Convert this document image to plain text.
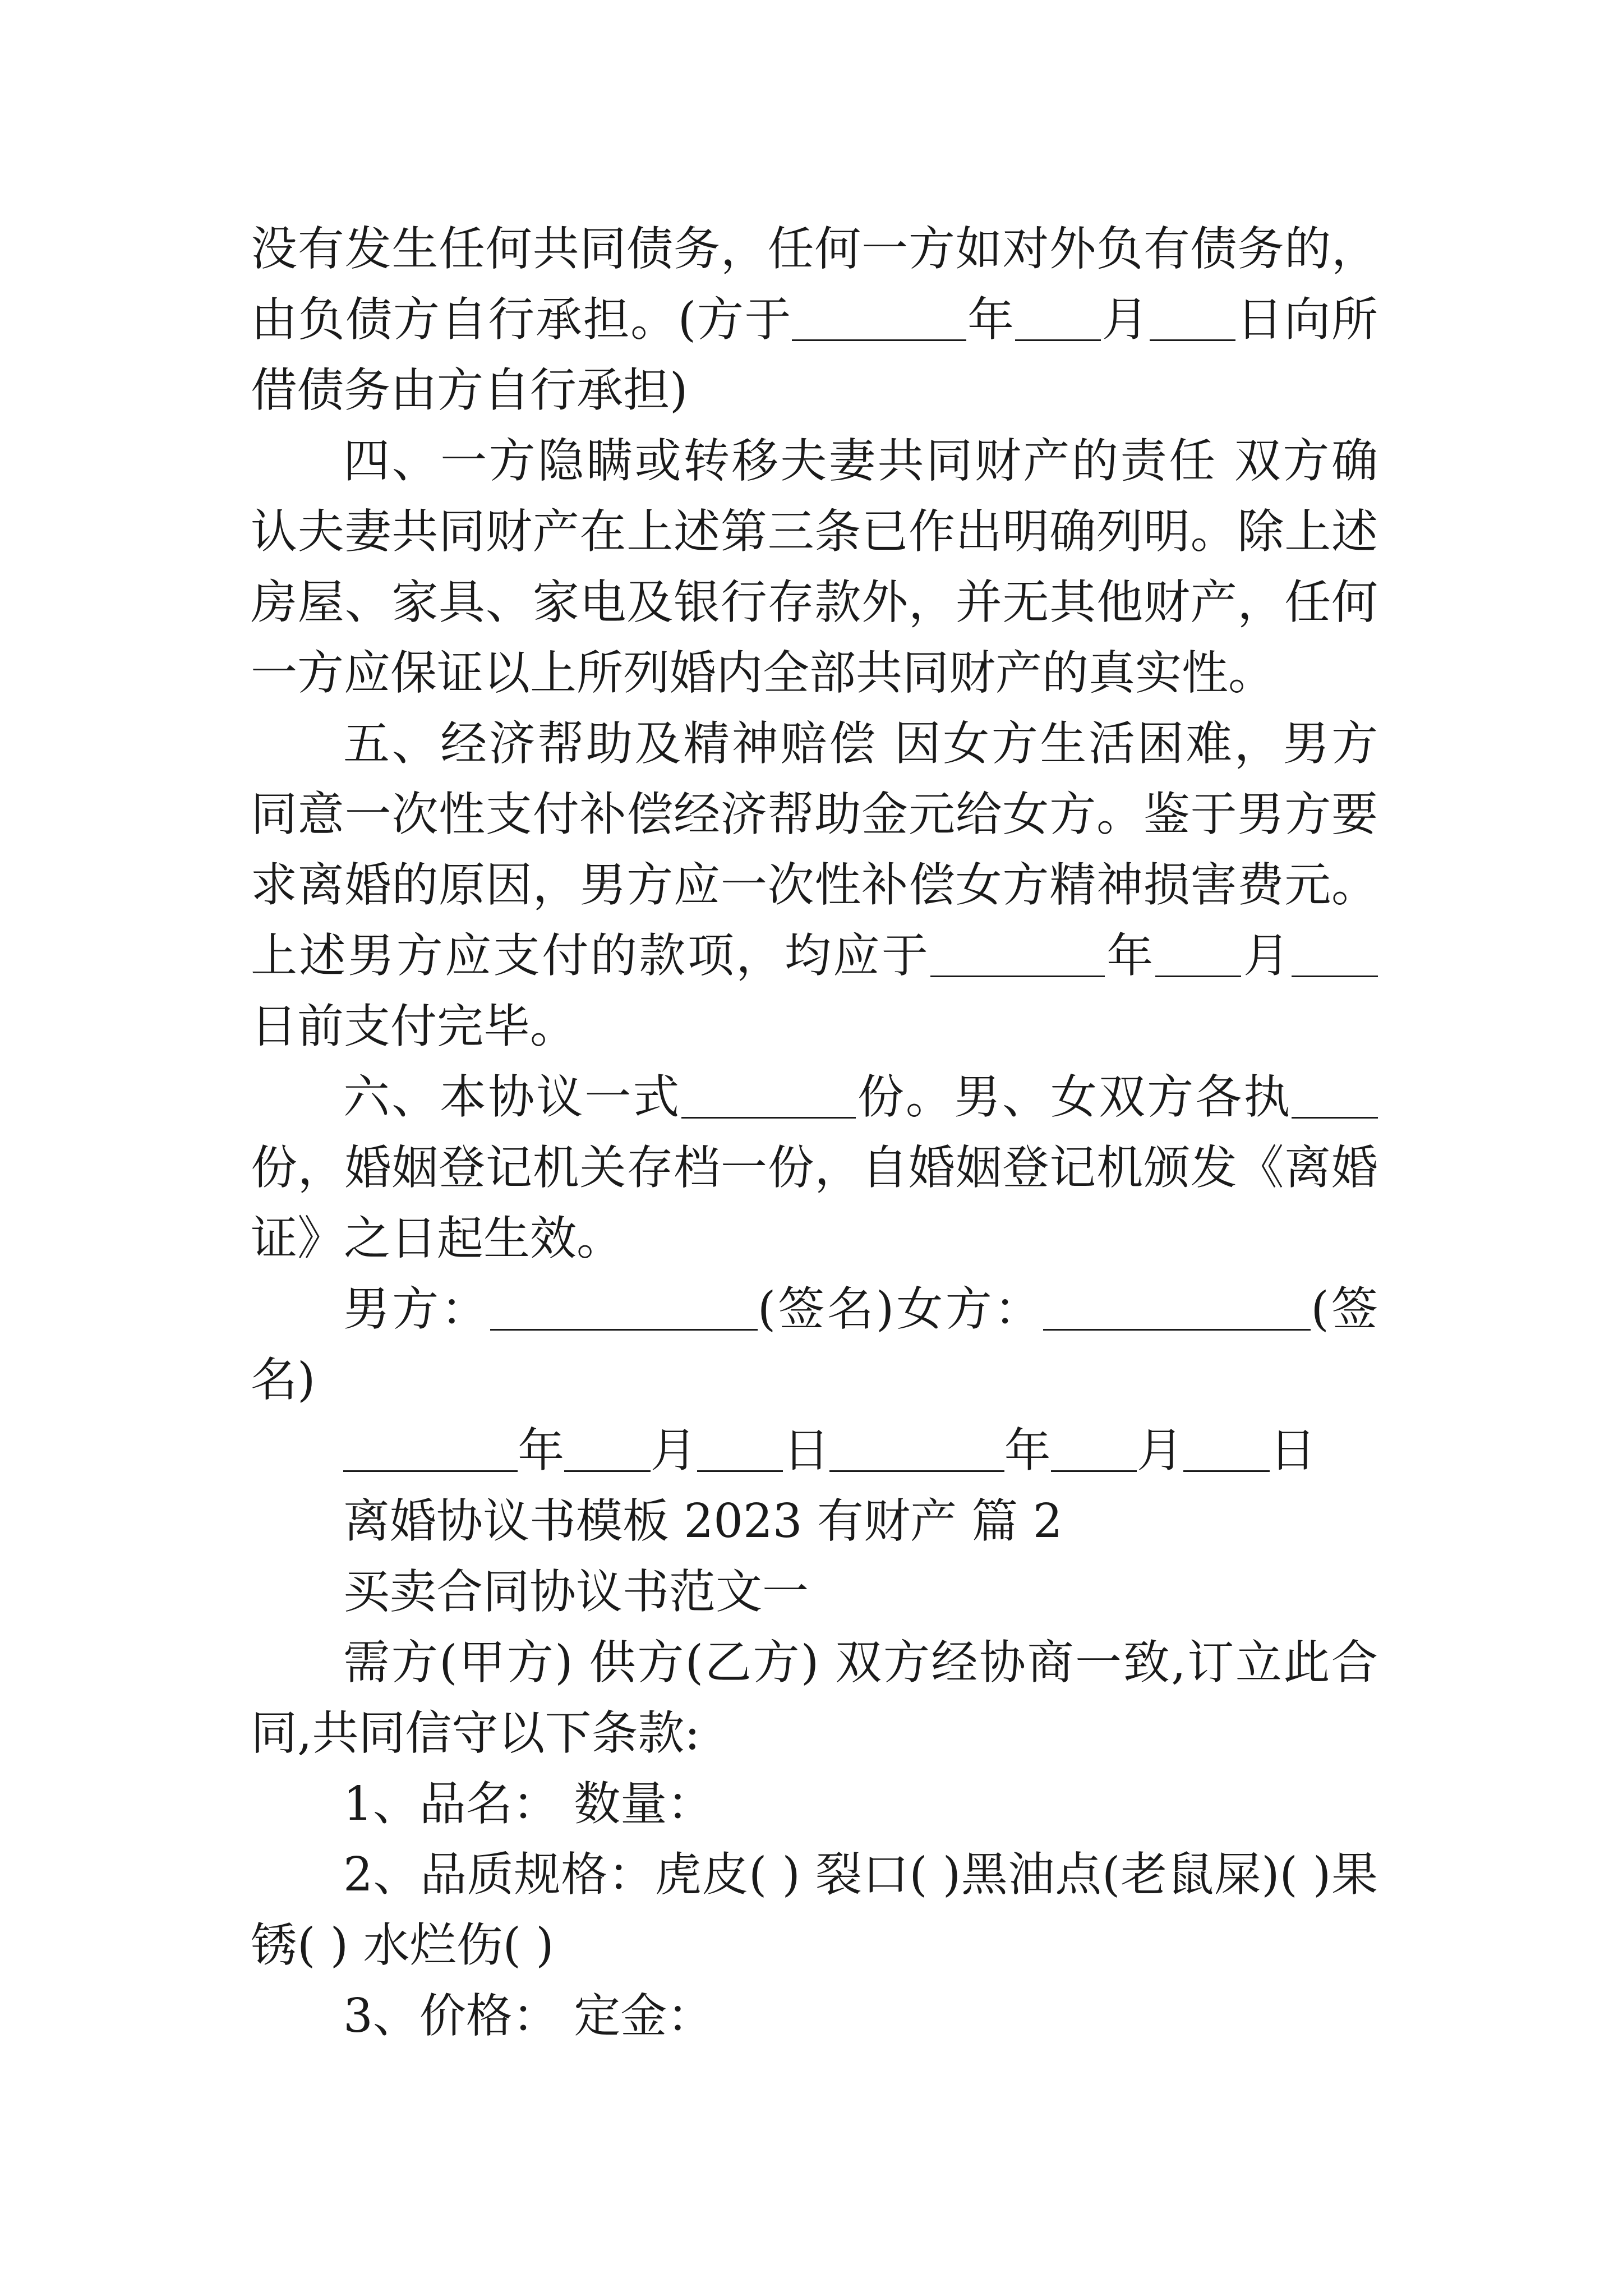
没有发生任何共同债务，任何一方如对外负有债务的，由负债方自行承担。(方于	年 月 日向所借债务由方自行承担)

四、一方隐瞒或转移夫妻共同财产的责任 双方确认夫妻共同财产在上述第三条已作出明确列明。除上述房屋、家具、家电及银行存款外，并无其他财产，任何一方应保证以上所列婚内全部共同财产的真实性。

五、经济帮助及精神赔偿 因女方生活困难，男方同意一次性支付补偿经济帮助金元给女方。鉴于男方要求离婚的原因，男方应一次性补偿女方精神损害费元。上述男方应支付的款项，均应于	年 月日前支付完毕。

六、本协议一式	份。男、女双方各执份，婚姻登记机关存档一份，自婚姻登记机颁发《离婚证》之日起生效。

男方：	(签名)女方：	(签名)

年 月 日	年 月 日

离婚协议书模板 2023 有财产 篇 2

买卖合同协议书范文一

需方(甲方) 供方(乙方) 双方经协商一致,订立此合同,共同信守以下条款:

1、品名： 数量：

2、品质规格：虎皮( ) 裂口( )黑油点(老鼠屎)( )果锈( ) 水烂伤( )

3、价格： 定金：
